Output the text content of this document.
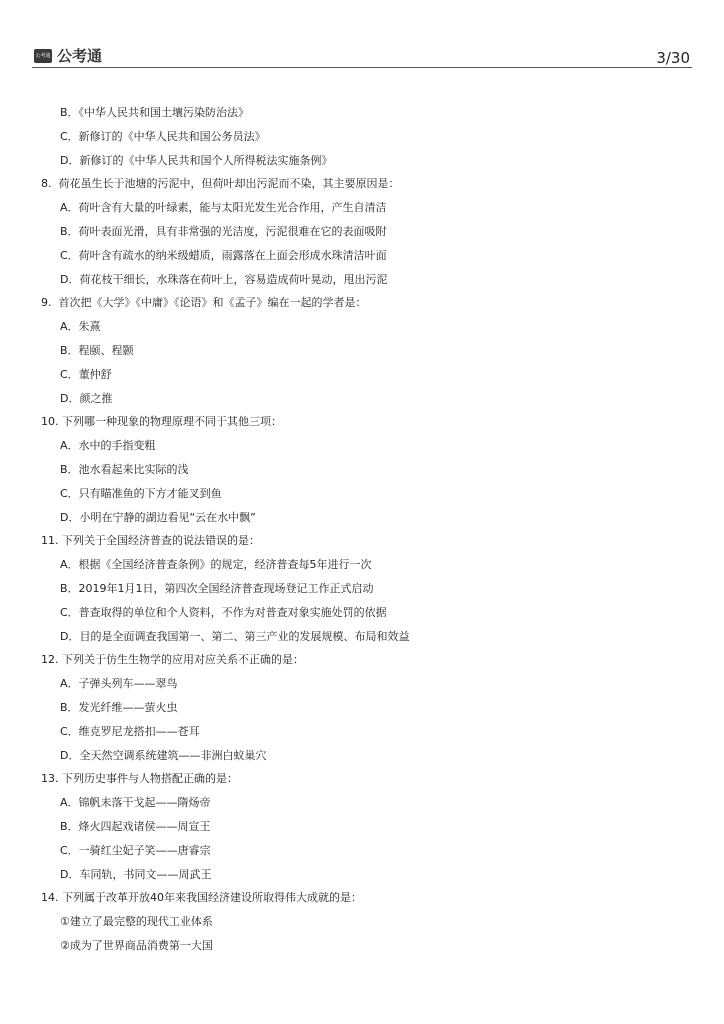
公考通 公考通	3/30
B．《中华人民共和国土壤污染防治法》
C．新修订的《中华人民共和国公务员法》
D．新修订的《中华人民共和国个人所得税法实施条例》
8. 荷花虽生长于池塘的污泥中，但荷叶却出污泥而不染，其主要原因是：
A．荷叶含有大量的叶绿素，能与太阳光发生光合作用，产生自清洁
B．荷叶表面光滑，具有非常强的光洁度，污泥很难在它的表面吸附
C．荷叶含有疏水的纳米级蜡质，雨露落在上面会形成水珠清洁叶面
D．荷花枝干细长，水珠落在荷叶上，容易造成荷叶晃动，甩出污泥
9. 首次把《大学》《中庸》《论语》和《孟子》编在一起的学者是：
A．朱熹
B．程颐、程颢
C．董仲舒
D．颜之推
10. 下列哪一种现象的物理原理不同于其他三项：
A．水中的手指变粗
B．池水看起来比实际的浅
C．只有瞄准鱼的下方才能叉到鱼
D．小明在宁静的湖边看见“云在水中飘”
11. 下列关于全国经济普查的说法错误的是：
A．根据《全国经济普查条例》的规定，经济普查每5年进行一次
B．2019年1月1日，第四次全国经济普查现场登记工作正式启动
C．普查取得的单位和个人资料，不作为对普查对象实施处罚的依据
D．目的是全面调查我国第一、第二、第三产业的发展规模、布局和效益
12. 下列关于仿生生物学的应用对应关系不正确的是：
A．子弹头列车——翠鸟
B．发光纤维——萤火虫
C．维克罗尼龙搭扣——苍耳
D．全天然空调系统建筑——非洲白蚁巢穴
13. 下列历史事件与人物搭配正确的是：
A．锦帆未落干戈起——隋炀帝
B．烽火四起戏诸侯——周宣王
C．一骑红尘妃子笑——唐睿宗
D．车同轨，书同文——周武王
14. 下列属于改革开放40年来我国经济建设所取得伟大成就的是：
①建立了最完整的现代工业体系
②成为了世界商品消费第一大国
